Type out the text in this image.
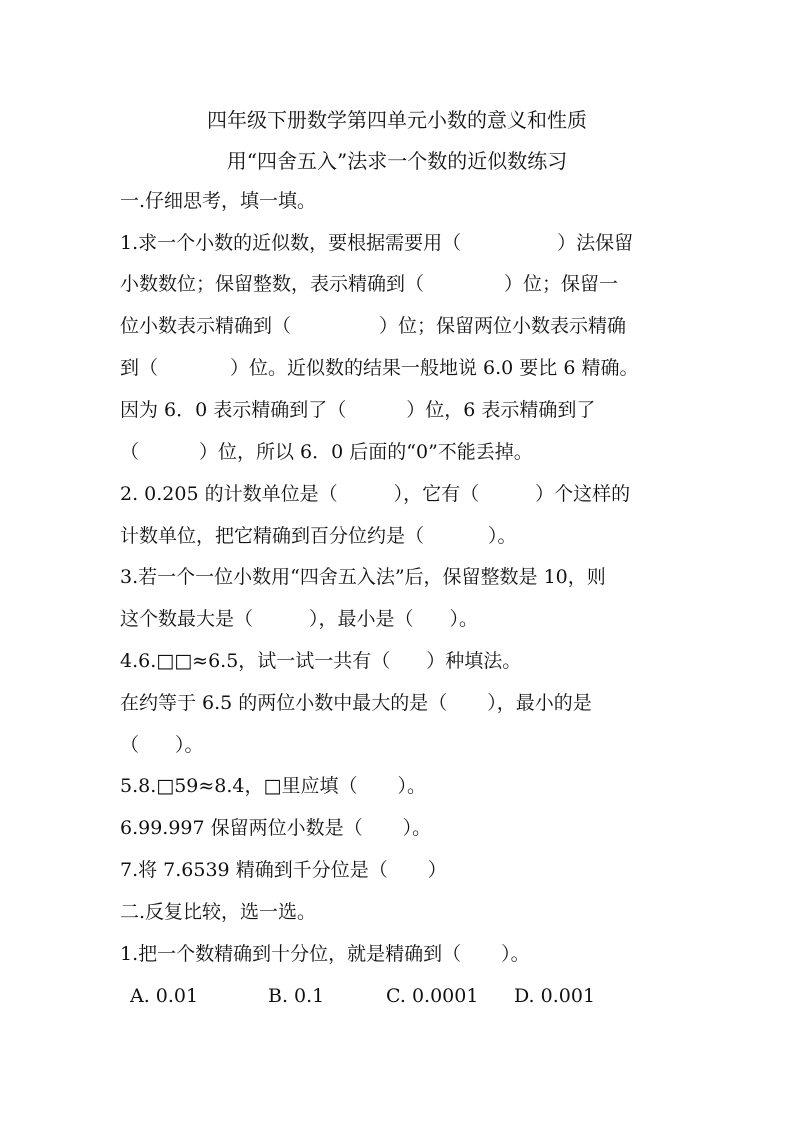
四年级下册数学第四单元小数的意义和性质
用“四舍五入”法求一个数的近似数练习
一.仔细思考，填一填。
1.求一个小数的近似数，要根据需要用（	）法保留
小数数位；保留整数，表示精确到（	）位；保留一
位小数表示精确到（	）位；保留两位小数表示精确
到（	）位。近似数的结果一般地说 6.0 要比 6 精确。
因为 6．0 表示精确到了（	）位，6 表示精确到了
（	）位，所以 6．0 后面的“0”不能丢掉。
2. 0.205 的计数单位是（	），它有（	）个这样的
计数单位，把它精确到百分位约是（	）。
3.若一个一位小数用“四舍五入法”后，保留整数是 10，则
这个数最大是（	），最小是（ ）。
4.6.□□≈6.5，试一试一共有（ ）种填法。
在约等于 6.5 的两位小数中最大的是（ ），最小的是
（ ）。
5.8.□59≈8.4，□里应填（ ）。
6.99.997 保留两位小数是（ ）。
7.将 7.6539 精确到千分位是（ ）
二.反复比较，选一选。
1.把一个数精确到十分位，就是精确到（ ）。
A. 0.01	B. 0.1	C. 0.0001 D. 0.001
